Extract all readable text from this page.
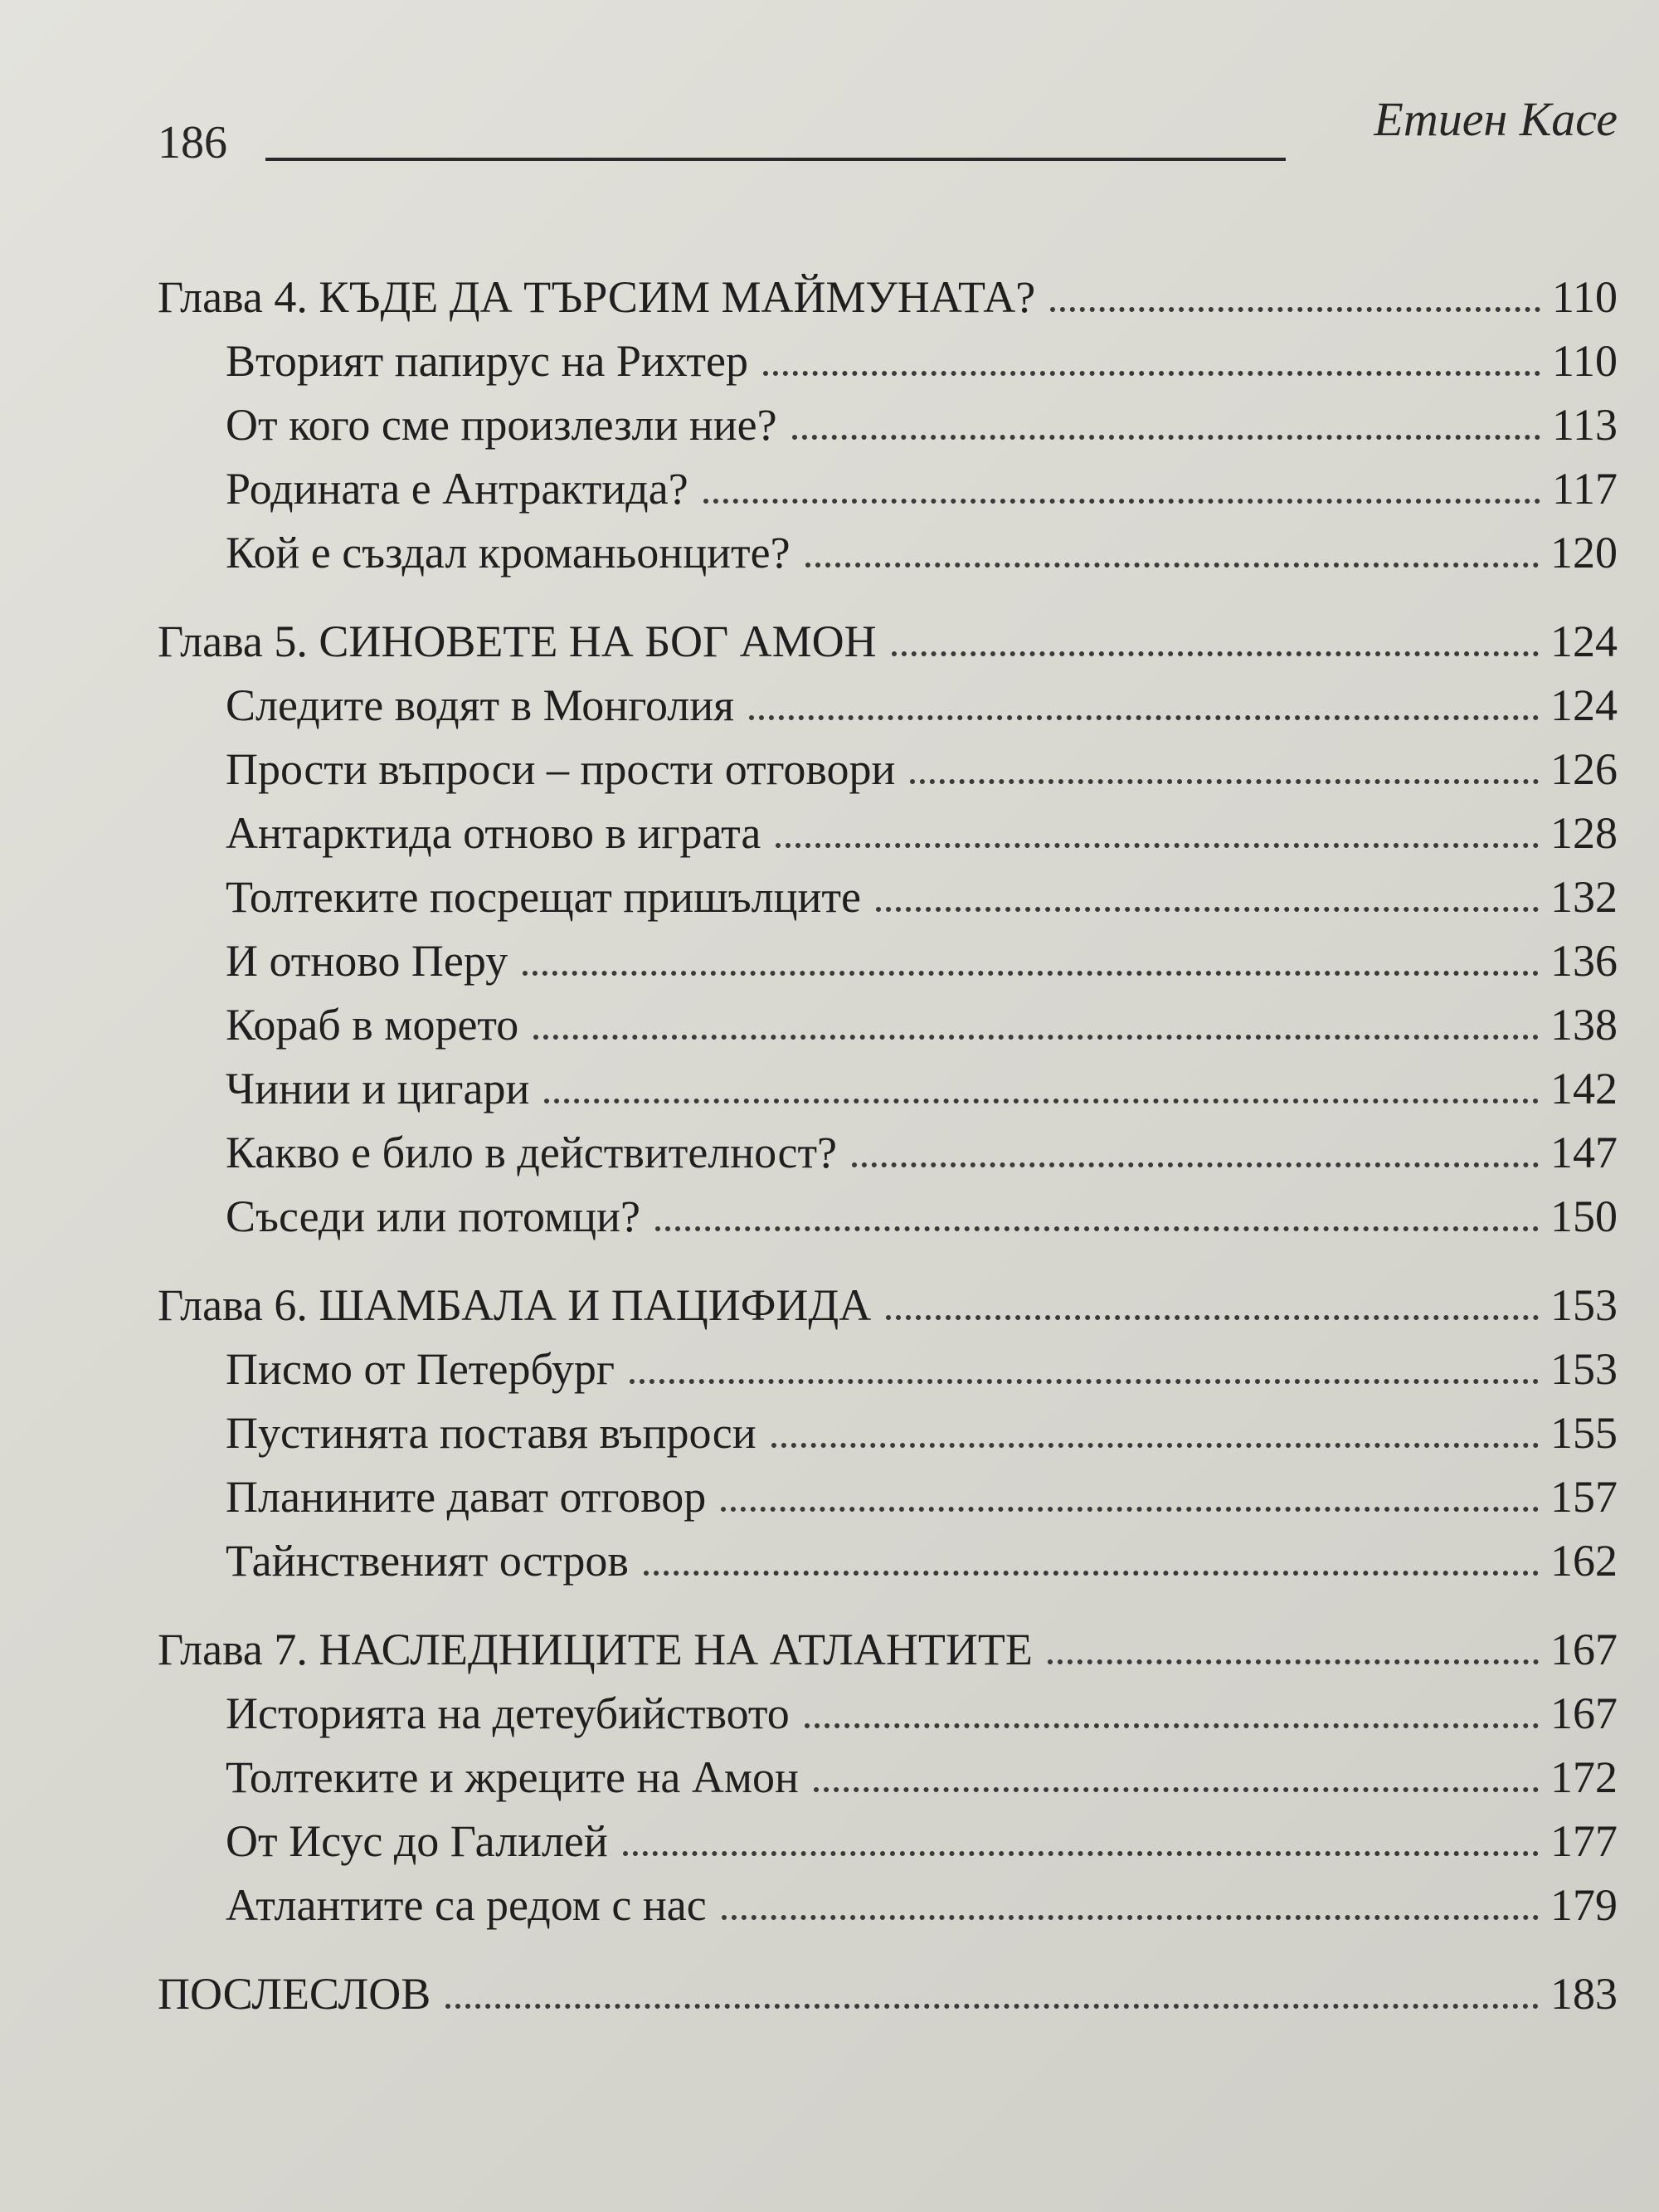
186	Етиен Касе
Глава 4. КЪДЕ ДА ТЪРСИМ МАЙМУНАТА?	110
Вторият папирус на Рихтер	110
От кого сме произлезли ние?	113
Родината е Антрактида?	117
Кой е създал кроманьонците?	120
Глава 5. СИНОВЕТЕ НА БОГ АМОН	124
Следите водят в Монголия	124
Прости въпроси – прости отговори	126
Антарктида отново в играта	128
Толтеките посрещат пришълците	132
И отново Перу	136
Кораб в морето	138
Чинии и цигари	142
Какво е било в действителност?	147
Съседи или потомци?	150
Глава 6. ШАМБАЛА И ПАЦИФИДА	153
Писмо от Петербург	153
Пустинята поставя въпроси	155
Планините дават отговор	157
Тайнственият остров	162
Глава 7. НАСЛЕДНИЦИТЕ НА АТЛАНТИТЕ	167
Историята на детеубийството	167
Толтеките и жреците на Амон	172
От Исус до Галилей	177
Атлантите са редом с нас	179
ПОСЛЕСЛОВ	183
